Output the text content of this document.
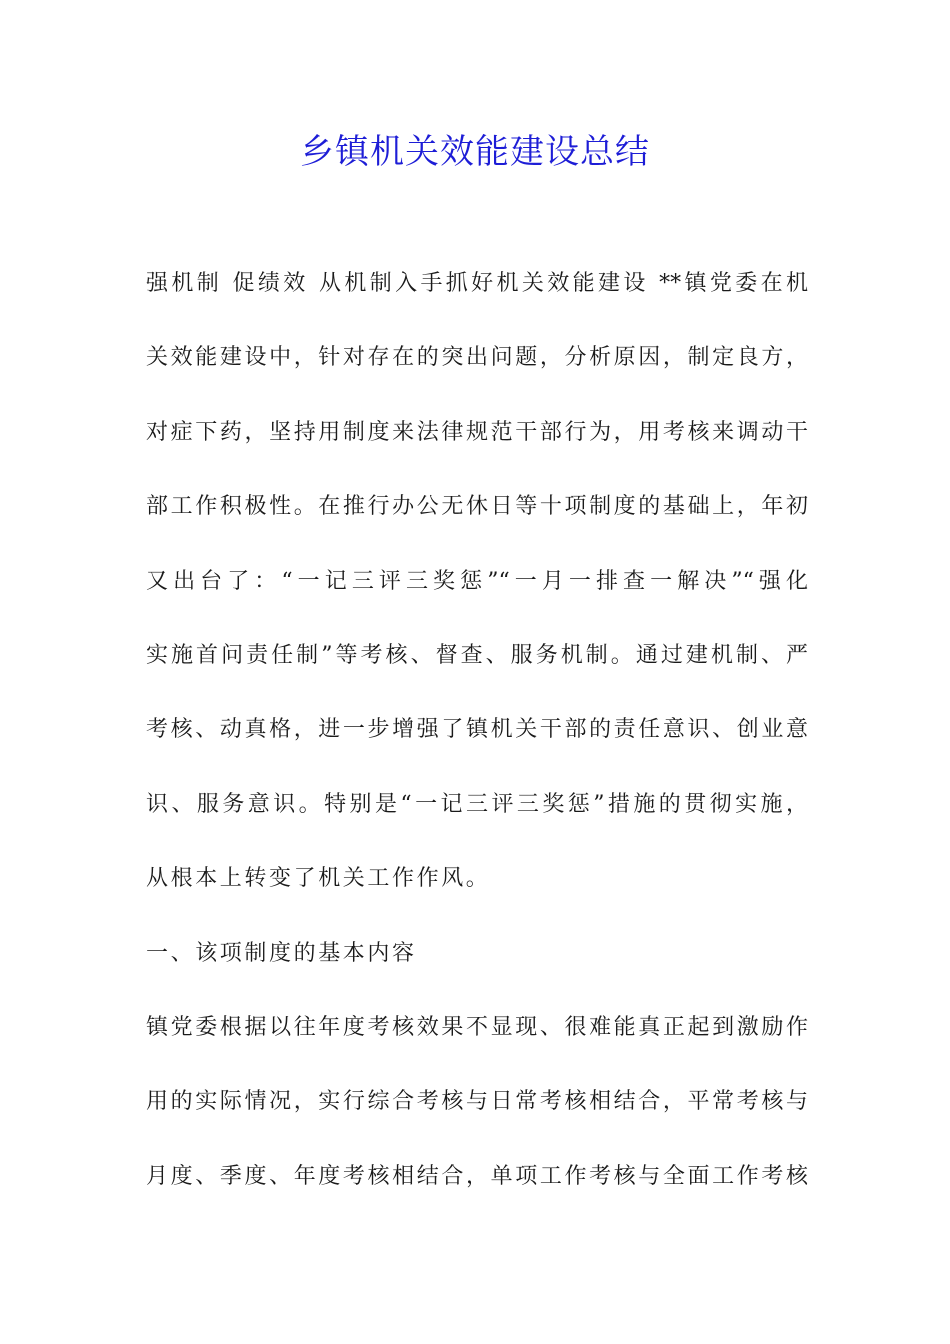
乡镇机关效能建设总结

强机制 促绩效 从机制入手抓好机关效能建设 **镇党委在机

关效能建设中，针对存在的突出问题，分析原因，制定良方，

对症下药，坚持用制度来法律规范干部行为，用考核来调动干

部工作积极性。在推行办公无休日等十项制度的基础上，年初

又出台了：“一记三评三奖惩”“一月一排查一解决”“强化

实施首问责任制”等考核、督查、服务机制。通过建机制、严

考核、动真格，进一步增强了镇机关干部的责任意识、创业意

识、服务意识。特别是“一记三评三奖惩”措施的贯彻实施，

从根本上转变了机关工作作风。

一、该项制度的基本内容

镇党委根据以往年度考核效果不显现、很难能真正起到激励作

用的实际情况，实行综合考核与日常考核相结合，平常考核与

月度、季度、年度考核相结合，单项工作考核与全面工作考核
